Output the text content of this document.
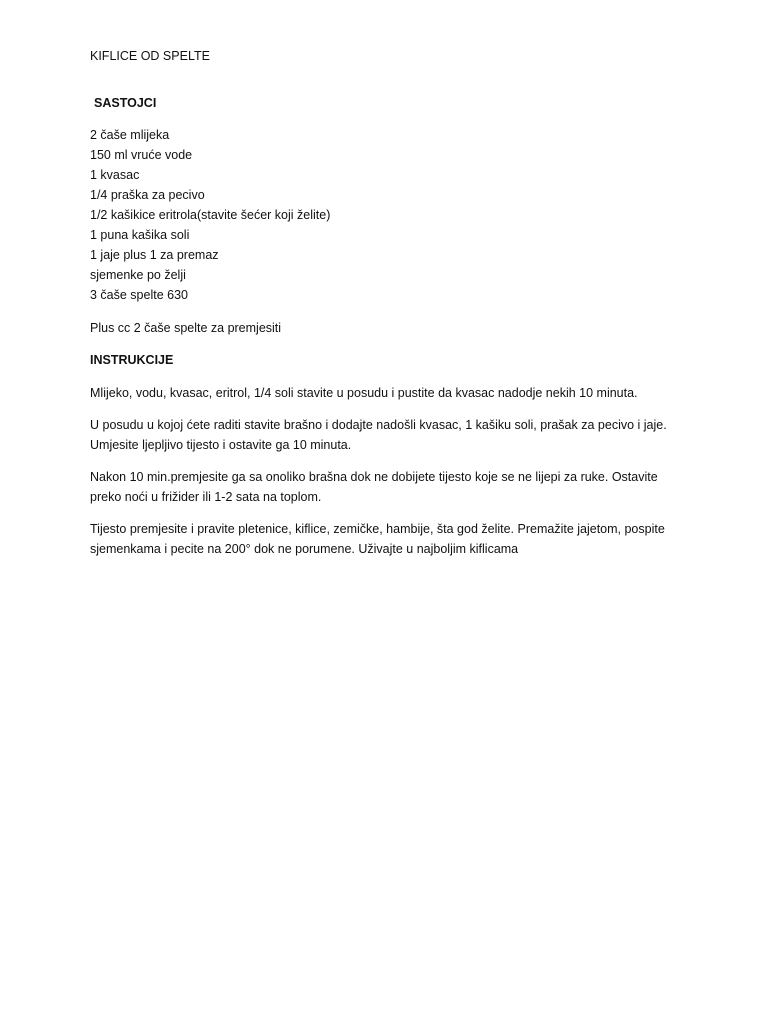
KIFLICE OD SPELTE

SASTOJCI

2 čaše mlijeka
150 ml vruće vode
1 kvasac
1/4 praška za pecivo
1/2 kašikice eritrola(stavite šećer koji želite)
1 puna kašika soli
1 jaje plus 1 za premaz
sjemenke po želji
3 čaše spelte 630

Plus cc 2 čaše spelte za premjesiti

INSTRUKCIJE

Mlijeko, vodu, kvasac, eritrol, 1/4 soli stavite u posudu i pustite da kvasac nadodje nekih 10 minuta.

U posudu u kojoj ćete raditi stavite brašno i dodajte nadošli kvasac, 1 kašiku soli, prašak za pecivo i jaje. Umjesite ljepljivo tijesto i ostavite ga 10 minuta.

Nakon 10 min.premjesite ga sa onoliko brašna dok ne dobijete tijesto koje se ne lijepi za ruke. Ostavite preko noći u frižider ili 1-2 sata na toplom.

Tijesto premjesite i pravite pletenice, kiflice, zemičke, hambije, šta god želite. Premažite jajetom, pospite sjemenkama i pecite na 200° dok ne porumene. Uživajte u najboljim kiflicama
